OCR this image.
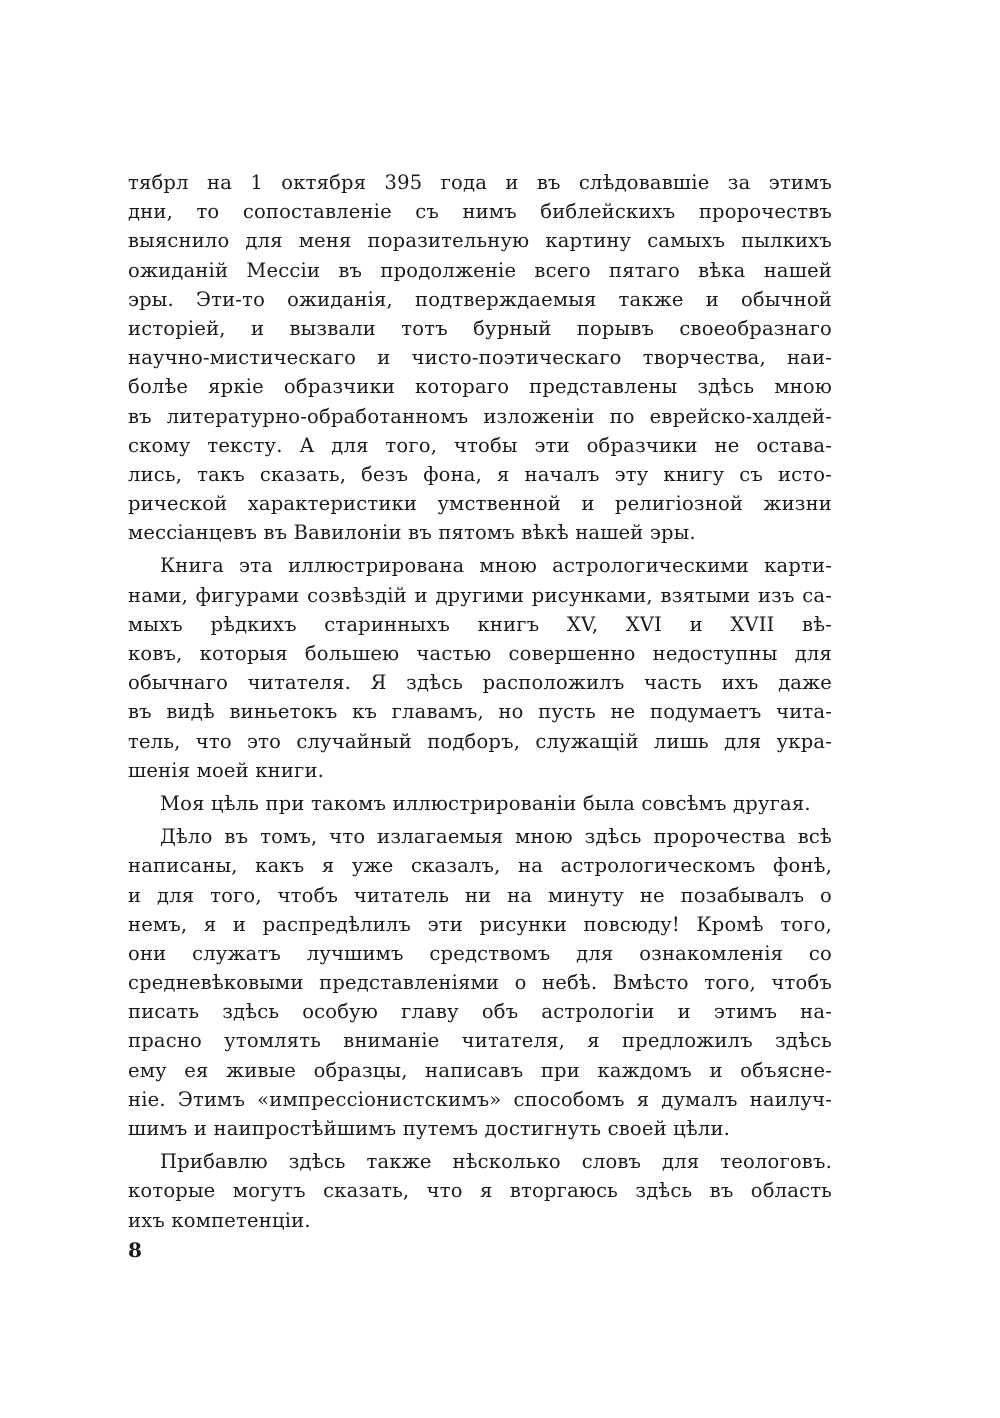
тябрл на 1 октября 395 года и въ слѣдовавшіе за этимъ
дни, то сопоставленіе съ нимъ библейскихъ пророчествъ
выяснило для меня поразительную картину самыхъ пылкихъ
ожиданій Мессіи въ продолженіе всего пятаго вѣка нашей
эры. Эти-то ожиданія, подтверждаемыя также и обычной
исторіей, и вызвали тотъ бурный порывъ своеобразнаго
научно-мистическаго и чисто-поэтическаго творчества, наи-
болѣе яркіе образчики котораго представлены здѣсь мною
въ литературно-обработанномъ изложеніи по еврейско-халдей-
скому тексту. А для того, чтобы эти образчики не остава-
лись, такъ сказать, безъ фона, я началъ эту книгу съ исто-
рической характеристики умственной и религіозной жизни
мессіанцевъ въ Вавилоніи въ пятомъ вѣкѣ нашей эры.
Книга эта иллюстрирована мною астрологическими карти-
нами, фигурами созвѣздій и другими рисунками, взятыми изъ са-
мыхъ рѣдкихъ старинныхъ книгъ XV, XVI и XVII вѣ-
ковъ, которыя большею частью совершенно недоступны для
обычнаго читателя. Я здѣсь расположилъ часть ихъ даже
въ видѣ виньетокъ къ главамъ, но пусть не подумаетъ чита-
тель, что это случайный подборъ, служащій лишь для укра-
шенія моей книги.
Моя цѣль при такомъ иллюстрированіи была совсѣмъ другая.
Дѣло въ томъ, что излагаемыя мною здѣсь пророчества всѣ
написаны, какъ я уже сказалъ, на астрологическомъ фонѣ,
и для того, чтобъ читатель ни на минуту не позабывалъ о
немъ, я и распредѣлилъ эти рисунки повсюду! Кромѣ того,
они служатъ лучшимъ средствомъ для ознакомленія со
средневѣковыми представленіями о небѣ. Вмѣсто того, чтобъ
писать здѣсь особую главу объ астрологіи и этимъ на-
прасно утомлять вниманіе читателя, я предложилъ здѣсь
ему ея живые образцы, написавъ при каждомъ и объясне-
ніе. Этимъ «импрессіонистскимъ» способомъ я думалъ наилуч-
шимъ и наипростѣйшимъ путемъ достигнуть своей цѣли.
Прибавлю здѣсь также нѣсколько словъ для теологовъ.
которые могутъ сказать, что я вторгаюсь здѣсь въ область
ихъ компетенціи.
8
